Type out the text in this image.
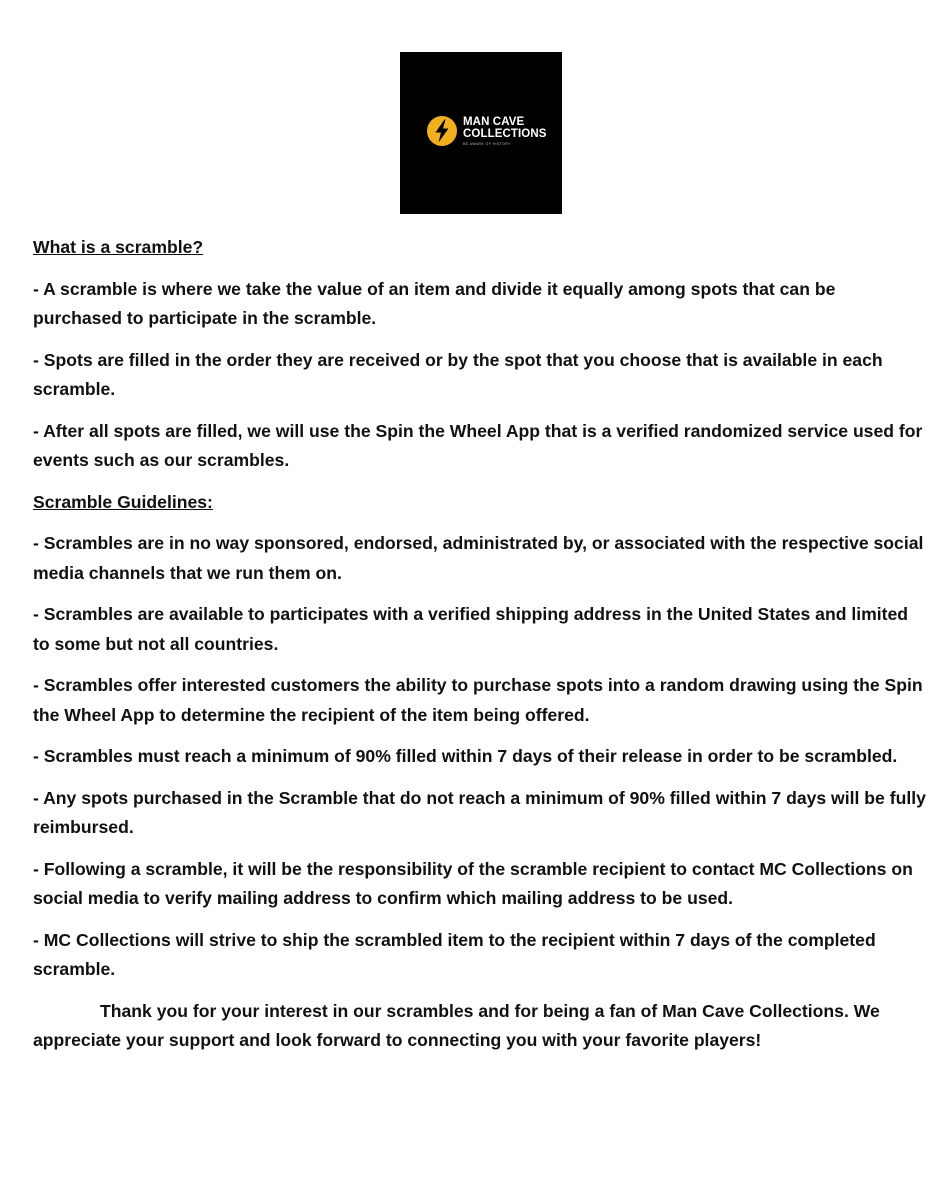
MAN CAVE
COLLECTIONS
BE AWARE OF HISTORY

What is a scramble?

- A scramble is where we take the value of an item and divide it equally among spots that can be purchased to participate in the scramble.

- Spots are filled in the order they are received or by the spot that you choose that is available in each scramble.

- After all spots are filled, we will use the Spin the Wheel App that is a verified randomized service used for events such as our scrambles.

Scramble Guidelines:

- Scrambles are in no way sponsored, endorsed, administrated by, or associated with the respective social media channels that we run them on.

- Scrambles are available to participates with a verified shipping address in the United States and limited to some but not all countries.

- Scrambles offer interested customers the ability to purchase spots into a random drawing using the Spin the Wheel App to determine the recipient of the item being offered.

- Scrambles must reach a minimum of 90% filled within 7 days of their release in order to be scrambled.

- Any spots purchased in the Scramble that do not reach a minimum of 90% filled within 7 days will be fully reimbursed.

- Following a scramble, it will be the responsibility of the scramble recipient to contact MC Collections on social media to verify mailing address to confirm which mailing address to be used.

- MC Collections will strive to ship the scrambled item to the recipient within 7 days of the completed scramble.

Thank you for your interest in our scrambles and for being a fan of Man Cave Collections. We appreciate your support and look forward to connecting you with your favorite players!
